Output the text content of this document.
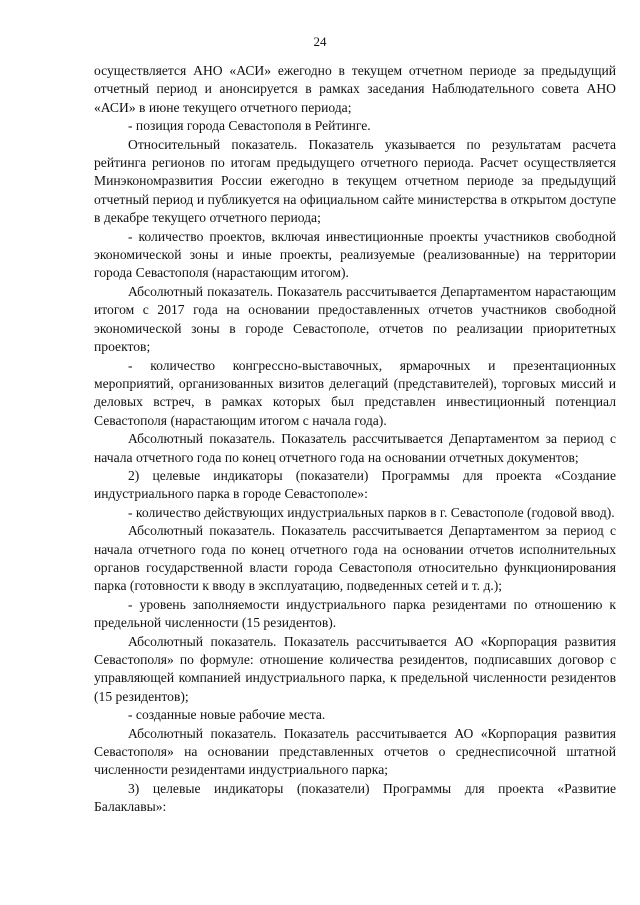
24

осуществляется АНО «АСИ» ежегодно в текущем отчетном периоде за предыдущий отчетный период и анонсируется в рамках заседания Наблюдательного совета АНО «АСИ» в июне текущего отчетного периода;

- позиция города Севастополя в Рейтинге.

Относительный показатель. Показатель указывается по результатам расчета рейтинга регионов по итогам предыдущего отчетного периода. Расчет осуществляется Минэкономразвития России ежегодно в текущем отчетном периоде за предыдущий отчетный период и публикуется на официальном сайте министерства в открытом доступе в декабре текущего отчетного периода;

- количество проектов, включая инвестиционные проекты участников свободной экономической зоны и иные проекты, реализуемые (реализованные) на территории города Севастополя (нарастающим итогом).

Абсолютный показатель. Показатель рассчитывается Департаментом нарастающим итогом с 2017 года на основании предоставленных отчетов участников свободной экономической зоны в городе Севастополе, отчетов по реализации приоритетных проектов;

- количество конгрессно-выставочных, ярмарочных и презентационных мероприятий, организованных визитов делегаций (представителей), торговых миссий и деловых встреч, в рамках которых был представлен инвестиционный потенциал Севастополя (нарастающим итогом с начала года).

Абсолютный показатель. Показатель рассчитывается Департаментом за период с начала отчетного года по конец отчетного года на основании отчетных документов;

2) целевые индикаторы (показатели) Программы для проекта «Создание индустриального парка в городе Севастополе»:

- количество действующих индустриальных парков в г. Севастополе (годовой ввод).

Абсолютный показатель. Показатель рассчитывается Департаментом за период с начала отчетного года по конец отчетного года на основании отчетов исполнительных органов государственной власти города Севастополя относительно функционирования парка (готовности к вводу в эксплуатацию, подведенных сетей и т. д.);

- уровень заполняемости индустриального парка резидентами по отношению к предельной численности (15 резидентов).

Абсолютный показатель. Показатель рассчитывается АО «Корпорация развития Севастополя» по формуле: отношение количества резидентов, подписавших договор с управляющей компанией индустриального парка, к предельной численности резидентов (15 резидентов);

- созданные новые рабочие места.

Абсолютный показатель. Показатель рассчитывается АО «Корпорация развития Севастополя» на основании представленных отчетов о среднесписочной штатной численности резидентами индустриального парка;

3) целевые индикаторы (показатели) Программы для проекта «Развитие Балаклавы»:
